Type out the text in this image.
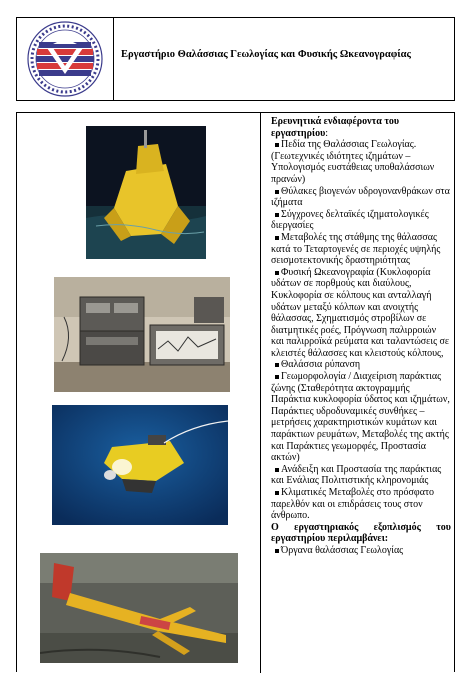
Εργαστήριο Θαλάσσιας Γεωλογίας και Φυσικής Ωκεανογραφίας
Ερευνητικά ενδιαφέροντα του
εργαστηρίου:
Πεδία της Θαλάσσιας Γεωλογίας. (Γεωτεχνικές ιδιότητες ιζημάτων – Υπολογισμός ευστάθειας υποθαλάσσιων πρανών)
Θύλακες βιογενών υδρογονανθράκων στα ιζήματα
Σύγχρονες δελταϊκές ιζηματολογικές διεργασίες
Μεταβολές της στάθμης της θάλασσας κατά το Τεταρτογενές σε περιοχές υψηλής σεισμοτεκτονικής δραστηριότητας
Φυσική Ωκεανογραφία (Κυκλοφορία υδάτων σε πορθμούς και διαύλους, Κυκλοφορία σε κόλπους και ανταλλαγή υδάτων μεταξύ κόλπων και ανοιχτής θάλασσας, Σχηματισμός στροβίλων σε διατμητικές ροές, Πρόγνωση παλιρροιών και παλιρροϊκά ρεύματα και ταλαντώσεις σε κλειστές θάλασσες και κλειστούς κόλπους,
Θαλάσσια ρύπανση
Γεωμορφολογία / Διαχείριση παράκτιας ζώνης (Σταθερότητα ακτογραμμής Παράκτια κυκλοφορία ύδατος και ιζημάτων, Παράκτιες υδροδυναμικές συνθήκες – μετρήσεις χαρακτηριστικών κυμάτων και παράκτιων ρευμάτων, Μεταβολές της ακτής και Παράκτιες γεωμορφές, Προστασία ακτών)
Ανάδειξη και Προστασία της παράκτιας και Ενάλιας Πολιτιστικής κληρονομιάς
Κλιματικές Μεταβολές στο πρόσφατο παρελθόν και οι επιδράσεις τους στον άνθρωπο.
Ο εργαστηριακός εξοπλισμός του εργαστηρίου περιλαμβάνει:
Όργανα θαλάσσιας Γεωλογίας
